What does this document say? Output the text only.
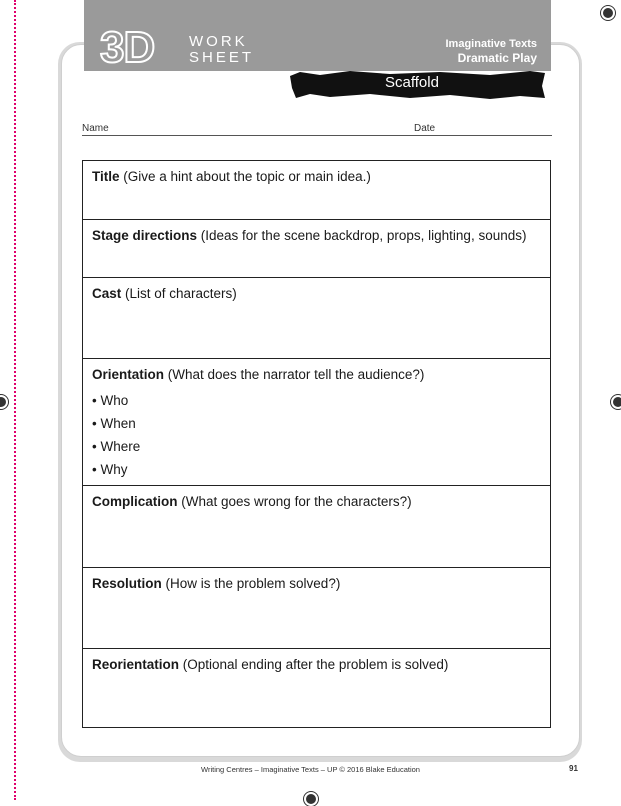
3D WORK
SHEET
Imaginative Texts
Dramatic Play
Scaffold
Name	Date
Title (Give a hint about the topic or main idea.)
Stage directions (Ideas for the scene backdrop, props, lighting, sounds)
Cast (List of characters)
Orientation (What does the narrator tell the audience?)
• Who
• When
• Where
• Why
Complication (What goes wrong for the characters?)
Resolution (How is the problem solved?)
Reorientation (Optional ending after the problem is solved)
Writing Centres – Imaginative Texts – UP © 2016 Blake Education	91
